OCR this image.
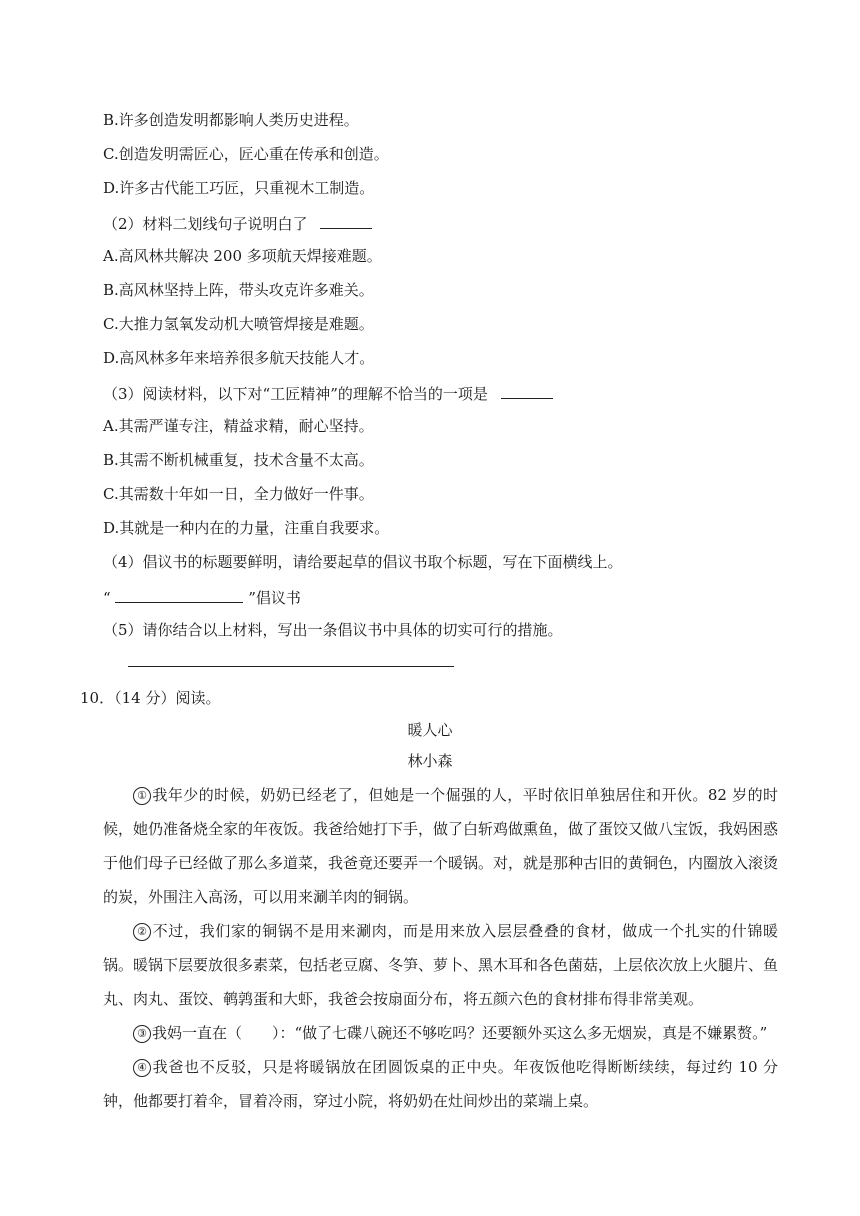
B.许多创造发明都影响人类历史进程。
C.创造发明需匠心，匠心重在传承和创造。
D.许多古代能工巧匠，只重视木工制造。
（2）材料二划线句子说明白了
A.高风林共解决 200 多项航天焊接难题。
B.高风林坚持上阵，带头攻克许多难关。
C.大推力氢氧发动机大喷管焊接是难题。
D.高风林多年来培养很多航天技能人才。
（3）阅读材料，以下对“工匠精神”的理解不恰当的一项是
A.其需严谨专注，精益求精，耐心坚持。
B.其需不断机械重复，技术含量不太高。
C.其需数十年如一日，全力做好一件事。
D.其就是一种内在的力量，注重自我要求。
（4）倡议书的标题要鲜明，请给要起草的倡议书取个标题，写在下面横线上。
“	”倡议书
（5）请你结合以上材料，写出一条倡议书中具体的切实可行的措施。
10．（14 分）阅读。
暖人心
林小森
① 我年少的时候，奶奶已经老了，但她是一个倔强的人，平时依旧单独居住和开伙。82 岁的时候，她仍准备烧全家的年夜饭。我爸给她打下手，做了白斩鸡做熏鱼，做了蛋饺又做八宝饭，我妈困惑于他们母子已经做了那么多道菜，我爸竟还要弄一个暖锅。对，就是那种古旧的黄铜色，内圈放入滚烫的炭，外围注入高汤，可以用来涮羊肉的铜锅。
② 不过，我们家的铜锅不是用来涮肉，而是用来放入层层叠叠的食材，做成一个扎实的什锦暖锅。暖锅下层要放很多素菜，包括老豆腐、冬笋、萝卜、黑木耳和各色菌菇，上层依次放上火腿片、鱼丸、肉丸、蛋饺、鹌鹑蛋和大虾，我爸会按扇面分布，将五颜六色的食材排布得非常美观。
③ 我妈一直在（　　）：“做了七碟八碗还不够吃吗？还要额外买这么多无烟炭，真是不嫌累赘。”
④ 我爸也不反驳，只是将暖锅放在团圆饭桌的正中央。年夜饭他吃得断断续续，每过约 10 分钟，他都要打着伞，冒着冷雨，穿过小院，将奶奶在灶间炒出的菜端上桌。
